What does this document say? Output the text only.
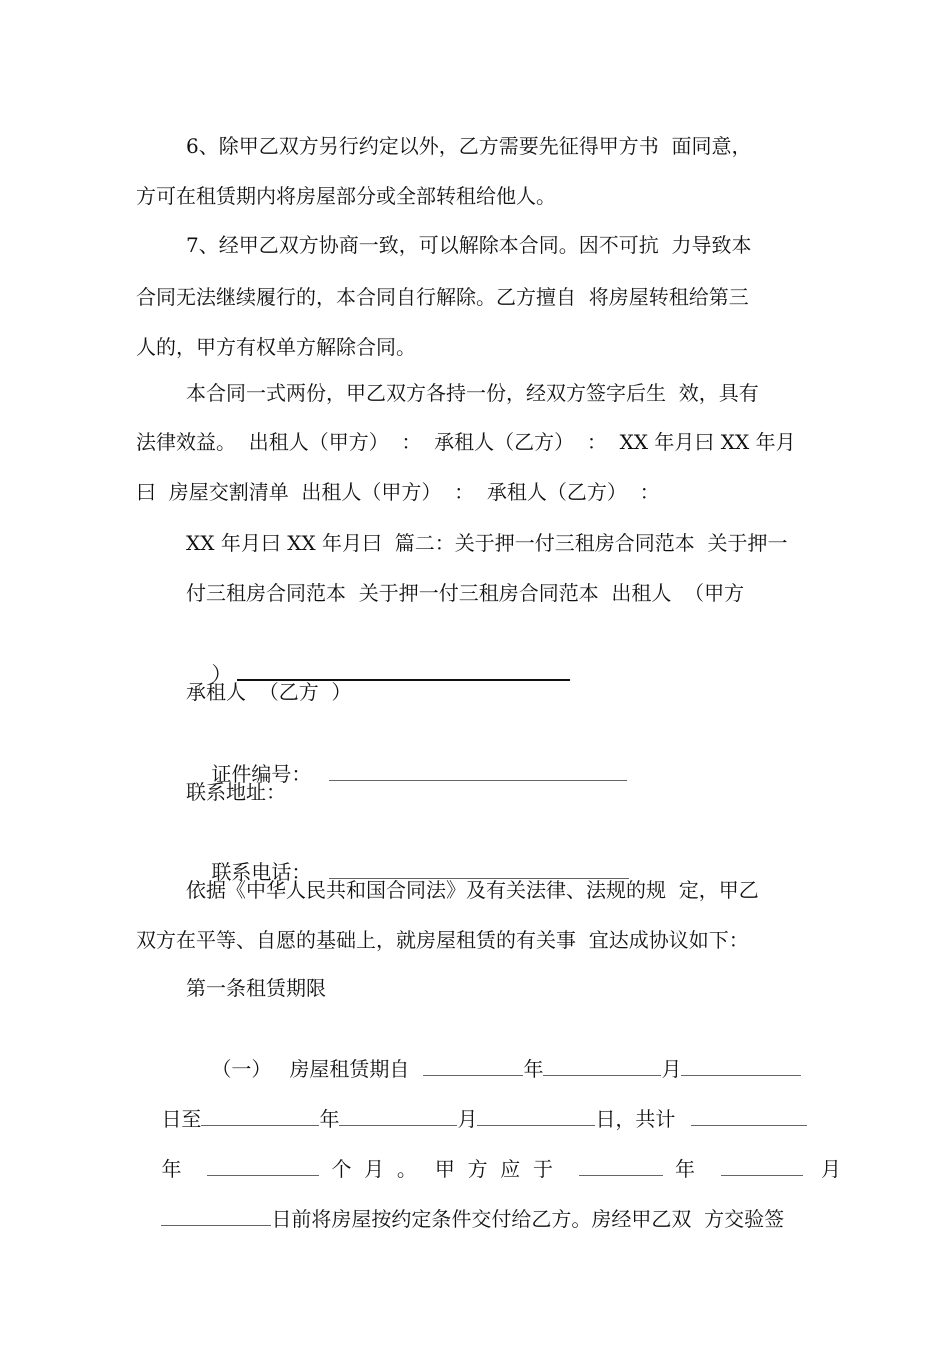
6、除甲乙双方另行约定以外，乙方需要先征得甲方书  面同意，
方可在租赁期内将房屋部分或全部转租给他人。
7、经甲乙双方协商一致，可以解除本合同。因不可抗  力导致本
合同无法继续履行的，本合同自行解除。乙方擅自  将房屋转租给第三
人的，甲方有权单方解除合同。
本合同一式两份，甲乙双方各持一份，经双方签字后生  效，具有
法律效益。  出租人（甲方）  ：  承租人（乙方）  ：  XX 年月曰 XX 年月
曰  房屋交割清单  出租人（甲方）  ：  承租人（乙方）  ：
XX 年月曰 XX 年月曰  篇二：关于押一付三租房合同范本  关于押一
付三租房合同范本  关于押一付三租房合同范本  出租人  （甲方

）

承租人  （乙方  ）

证件编号：

联系地址：

联系电话：

依据《中华人民共和国合同法》及有关法律、法规的规  定，甲乙
双方在平等、自愿的基础上，就房屋租赁的有关事  宜达成协议如下：
第一条租赁期限

（一） 房屋租赁期自	年	月

日至	年	月	日，共计

年	个  月  。 甲  方  应  于	年	月

日前将房屋按约定条件交付给乙方。房经甲乙双  方交验签
